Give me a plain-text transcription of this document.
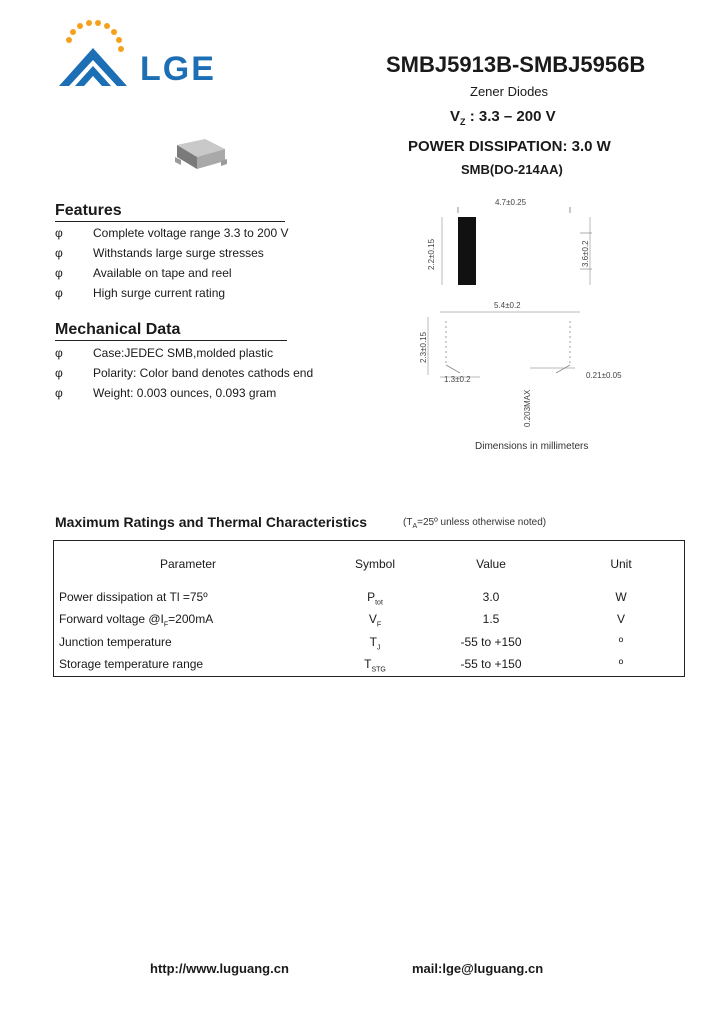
LGE	SMBJ5913B-SMBJ5956B
Zener Diodes
$V_Z$ : 3.3 – 200 V
POWER DISSIPATION: 3.0 W
SMB(DO-214AA)
Features
φ	Complete voltage range 3.3 to 200 V
φ	Withstands large surge stresses
φ	Available on tape and reel
φ	High surge current rating
Mechanical Data
φ	Case:JEDEC SMB,molded plastic
φ	Polarity: Color band denotes cathods end
φ	Weight: 0.003 ounces, 0.093 gram
4.7±0.25
2.2±0.15	3.6±0.2
5.4±0.2
2.3±0.15
1.3±0.2	0.21±0.05
0.203MAX
Dimensions in millimeters
Maximum Ratings and Thermal Characteristics	($T_A=25º$ unless otherwise noted)
Parameter	Symbol	Value	Unit
Power dissipation at Tl =75º	$P_{tot}$	3.0	W
Forward voltage $@I_F=200mA$	$V_F$	1.5	V
Junction temperature	$T_J$	-55 to +150	º
Storage temperature range	$T_{STG}$	-55 to +150	º
http://www.luguang.cn	mail:lge@luguang.cn
